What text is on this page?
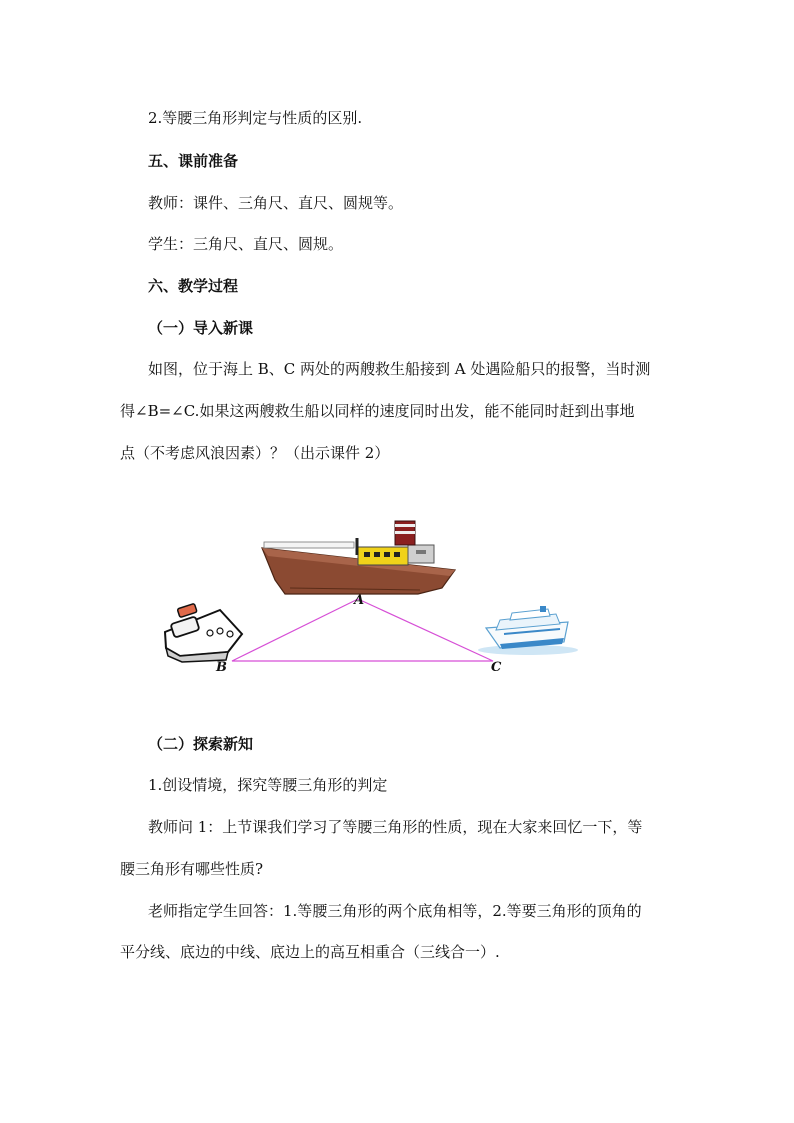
2.等腰三角形判定与性质的区别.
五、课前准备
教师：课件、三角尺、直尺、圆规等。
学生：三角尺、直尺、圆规。
六、教学过程
（一）导入新课
如图，位于海上 B、C 两处的两艘救生船接到 A 处遇险船只的报警，当时测
得∠B=∠C.如果这两艘救生船以同样的速度同时出发，能不能同时赶到出事地
点（不考虑风浪因素）？（出示课件 2）
A
B	C
（二）探索新知
1.创设情境，探究等腰三角形的判定
教师问 1：上节课我们学习了等腰三角形的性质，现在大家来回忆一下，等
腰三角形有哪些性质?
老师指定学生回答：1.等腰三角形的两个底角相等，2.等要三角形的顶角的
平分线、底边的中线、底边上的高互相重合（三线合一）.
